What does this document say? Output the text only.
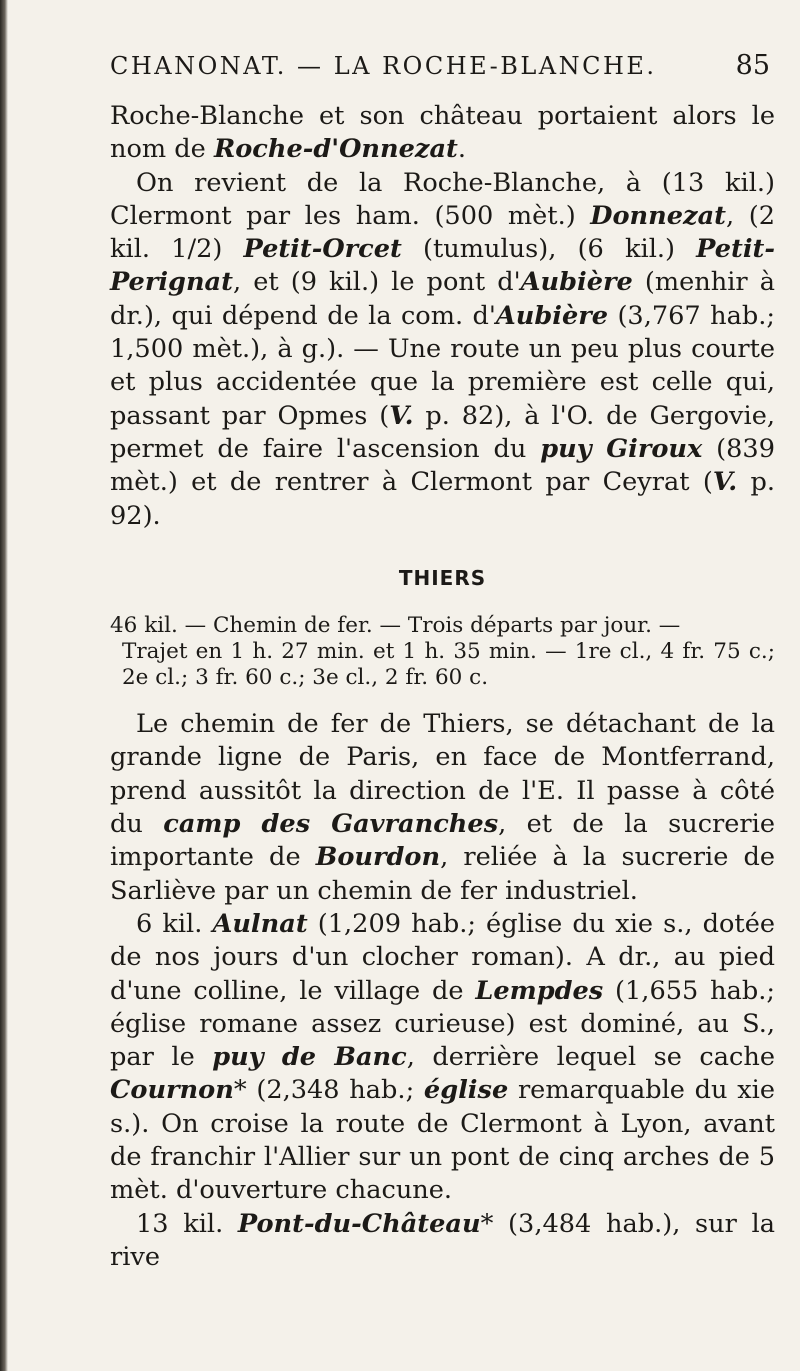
CHANONAT. — LA ROCHE-BLANCHE.	85

Roche-Blanche et son château portaient alors le nom de Roche-d'Onnezat.

On revient de la Roche-Blanche, à (13 kil.) Clermont par les ham. (500 mèt.) Donnezat, (2 kil. 1/2) Petit-Orcet (tumulus), (6 kil.) Petit-Perignat, et (9 kil.) le pont d'Aubière (menhir à dr.), qui dépend de la com. d'Aubière (3,767 hab.; 1,500 mèt.), à g.). — Une route un peu plus courte et plus accidentée que la première est celle qui, passant par Opmes (V. p. 82), à l'O. de Gergovie, permet de faire l'ascension du puy Giroux (839 mèt.) et de rentrer à Clermont par Ceyrat (V. p. 92).

THIERS
46 kil. — Chemin de fer. — Trois départs par jour. —
Trajet en 1 h. 27 min. et 1 h. 35 min. — 1re cl., 4 fr. 75 c.; 2e cl.; 3 fr. 60 c.; 3e cl., 2 fr. 60 c.

Le chemin de fer de Thiers, se détachant de la grande ligne de Paris, en face de Montferrand, prend aussitôt la direction de l'E. Il passe à côté du camp des Gavranches, et de la sucrerie importante de Bourdon, reliée à la sucrerie de Sarliève par un chemin de fer industriel.

6 kil. Aulnat (1,209 hab.; église du xie s., dotée de nos jours d'un clocher roman). A dr., au pied d'une colline, le village de Lempdes (1,655 hab.; église romane assez curieuse) est dominé, au S., par le puy de Banc, derrière lequel se cache Cournon* (2,348 hab.; église remarquable du xie s.). On croise la route de Clermont à Lyon, avant de franchir l'Allier sur un pont de cinq arches de 5 mèt. d'ouverture chacune.

13 kil. Pont-du-Château* (3,484 hab.), sur la rive
